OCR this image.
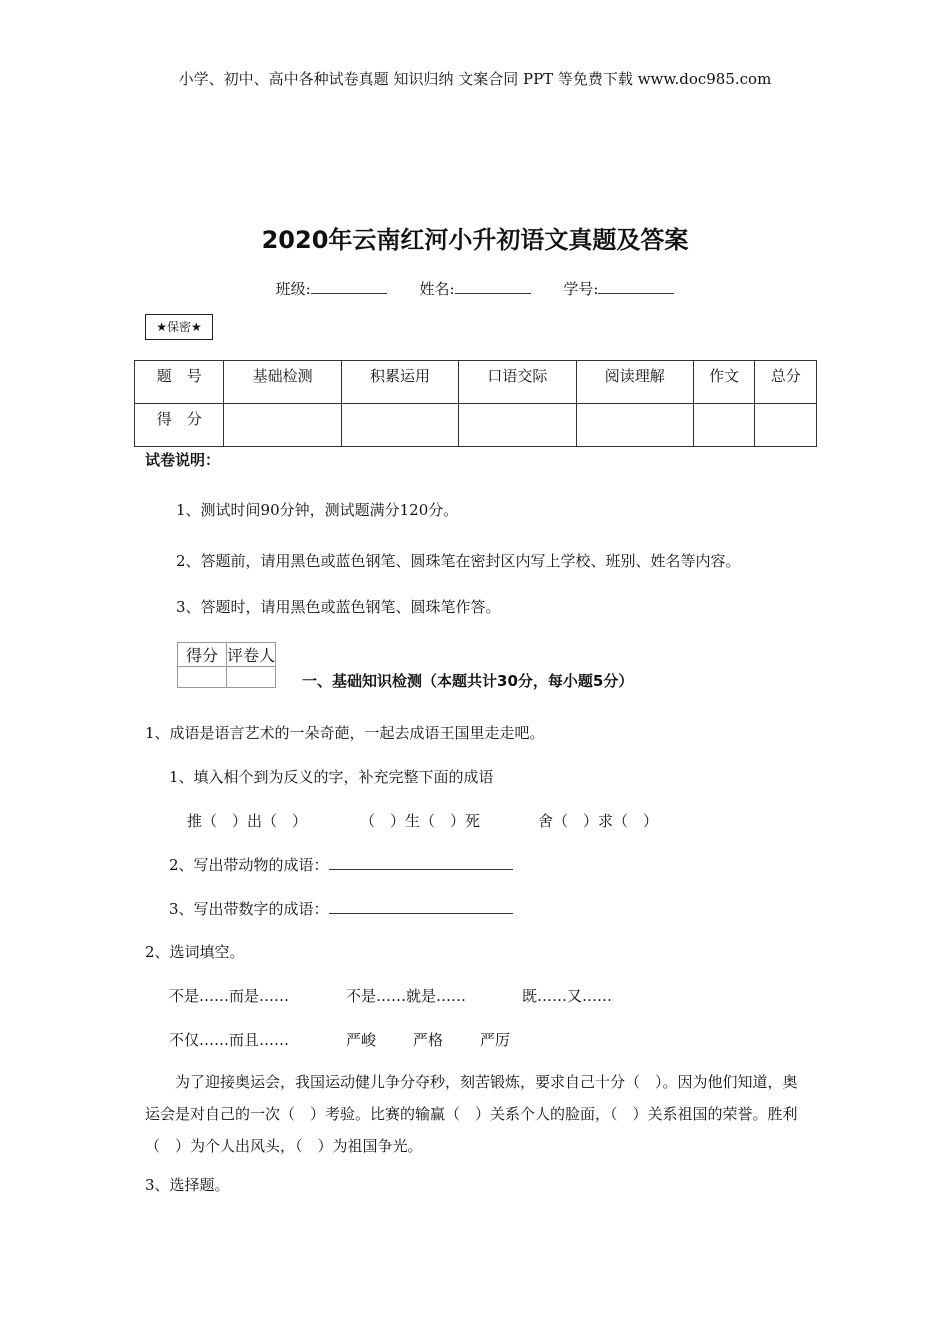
小学、初中、高中各种试卷真题 知识归纳 文案合同 PPT 等免费下载 www.doc985.com
2020年云南红河小升初语文真题及答案
班级:	姓名:	学号:
★保密★
题　号	基础检测	积累运用	口语交际	阅读理解	作文	总分
得　分						
试卷说明：
1、测试时间90分钟，测试题满分120分。
2、答题前，请用黑色或蓝色钢笔、圆珠笔在密封区内写上学校、班别、姓名等内容。
3、答题时，请用黑色或蓝色钢笔、圆珠笔作答。
得分	评卷人

一、基础知识检测（本题共计30分，每小题5分）
1、成语是语言艺术的一朵奇葩，一起去成语王国里走走吧。
1、填入相个到为反义的字，补充完整下面的成语
推（　）出（　）	（　）生（　）死	舍（　）求（　）
2、写出带动物的成语：
3、写出带数字的成语：
2、选词填空。
不是……而是……	不是……就是……	既……又……
不仅……而且……	严峻 严格 严厉
为了迎接奥运会，我国运动健儿争分夺秒，刻苦锻炼，要求自己十分（　）。因为他们知道，奥运会是对自己的一次（　）考验。比赛的输赢（　）关系个人的脸面，（　）关系祖国的荣誉。胜利（　）为个人出风头，（　）为祖国争光。
3、选择题。
